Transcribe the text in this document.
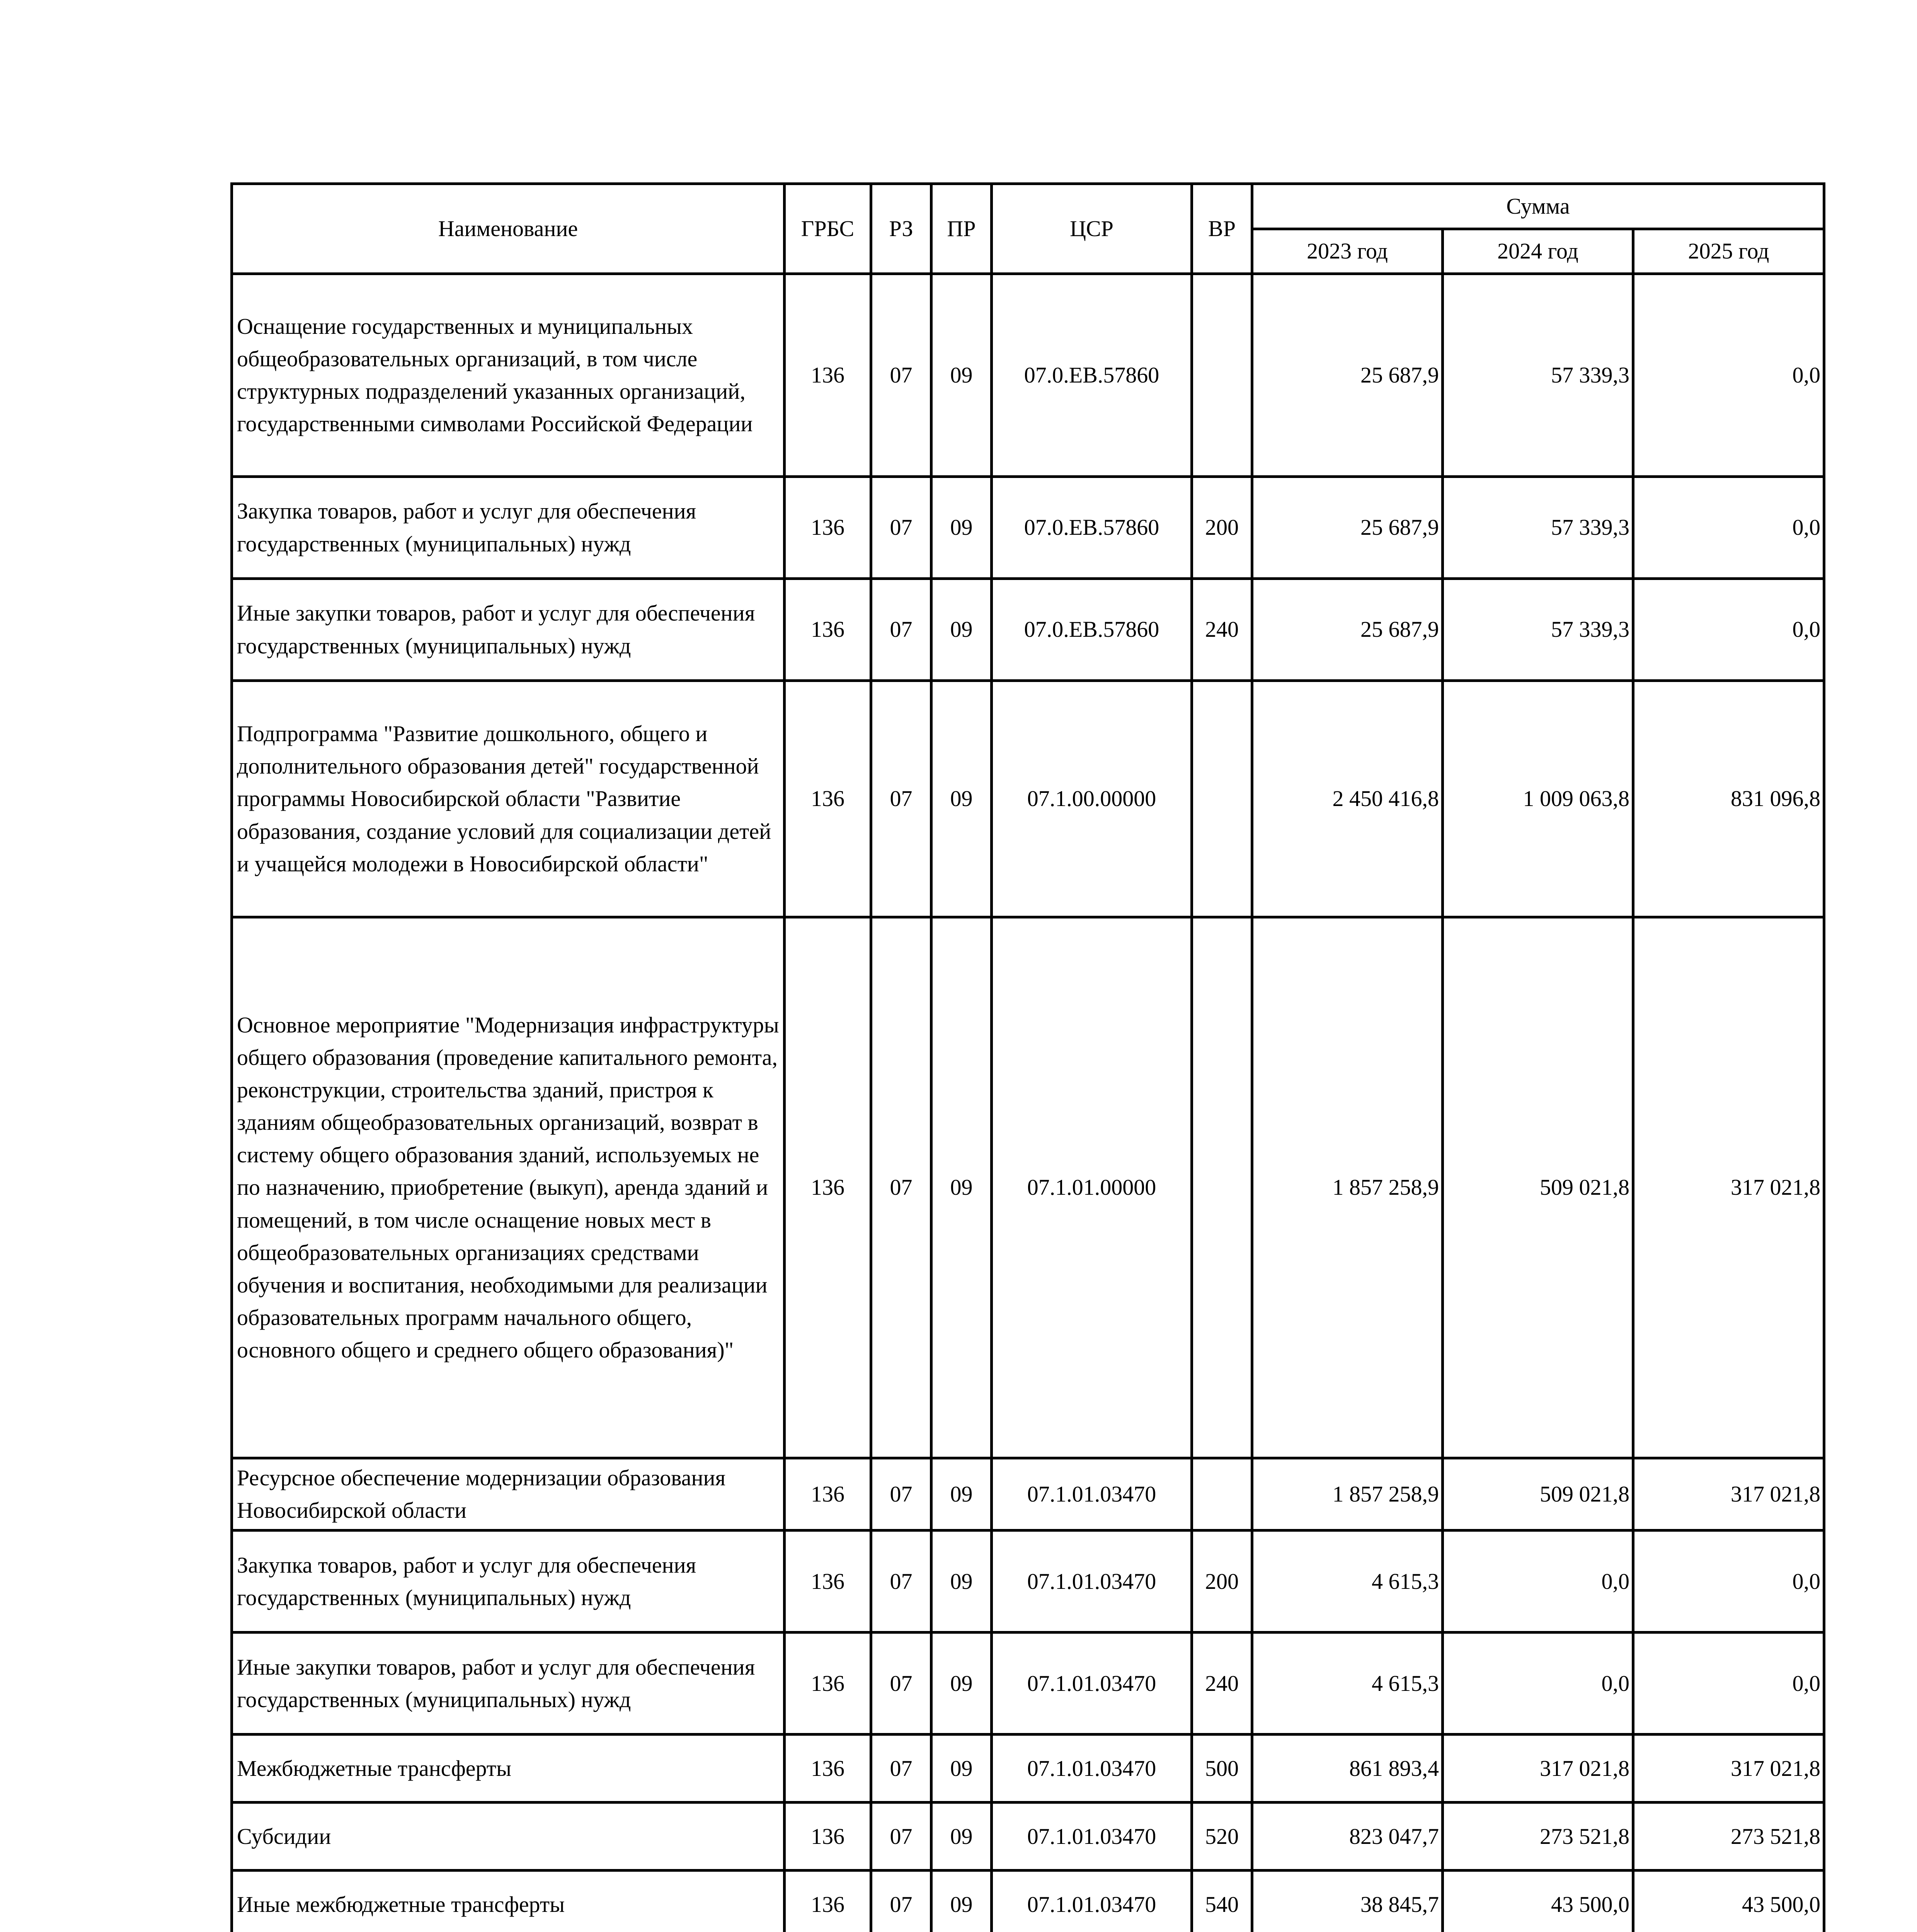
Наименование	ГРБС	РЗ	ПР	ЦСР	ВР	Сумма		
						2023 год	2024 год	2025 год
Оснащение государственных и муниципальных общеобразовательных организаций, в том числе структурных подразделений указанных организаций, государственными символами Российской Федерации	136	07	09	07.0.EB.57860		25 687,9	57 339,3	0,0
Закупка товаров, работ и услуг для обеспечения государственных (муниципальных) нужд	136	07	09	07.0.EB.57860	200	25 687,9	57 339,3	0,0
Иные закупки товаров, работ и услуг для обеспечения государственных (муниципальных) нужд	136	07	09	07.0.EB.57860	240	25 687,9	57 339,3	0,0
Подпрограмма "Развитие дошкольного, общего и дополнительного образования детей" государственной программы Новосибирской области "Развитие образования, создание условий для социализации детей и учащейся молодежи в Новосибирской области"	136	07	09	07.1.00.00000		2 450 416,8	1 009 063,8	831 096,8
Основное мероприятие "Модернизация инфраструктуры общего образования (проведение капитального ремонта, реконструкции, строительства зданий, пристроя к зданиям общеобразовательных организаций, возврат в систему общего образования зданий, используемых не по назначению, приобретение (выкуп), аренда зданий и помещений, в том числе оснащение новых мест в общеобразовательных организациях средствами обучения и воспитания, необходимыми для реализации образовательных программ начального общего, основного общего и среднего общего образования)"	136	07	09	07.1.01.00000		1 857 258,9	509 021,8	317 021,8
Ресурсное обеспечение модернизации образования Новосибирской области	136	07	09	07.1.01.03470		1 857 258,9	509 021,8	317 021,8
Закупка товаров, работ и услуг для обеспечения государственных (муниципальных) нужд	136	07	09	07.1.01.03470	200	4 615,3	0,0	0,0
Иные закупки товаров, работ и услуг для обеспечения государственных (муниципальных) нужд	136	07	09	07.1.01.03470	240	4 615,3	0,0	0,0
Межбюджетные трансферты	136	07	09	07.1.01.03470	500	861 893,4	317 021,8	317 021,8
Субсидии	136	07	09	07.1.01.03470	520	823 047,7	273 521,8	273 521,8
Иные межбюджетные трансферты	136	07	09	07.1.01.03470	540	38 845,7	43 500,0	43 500,0
